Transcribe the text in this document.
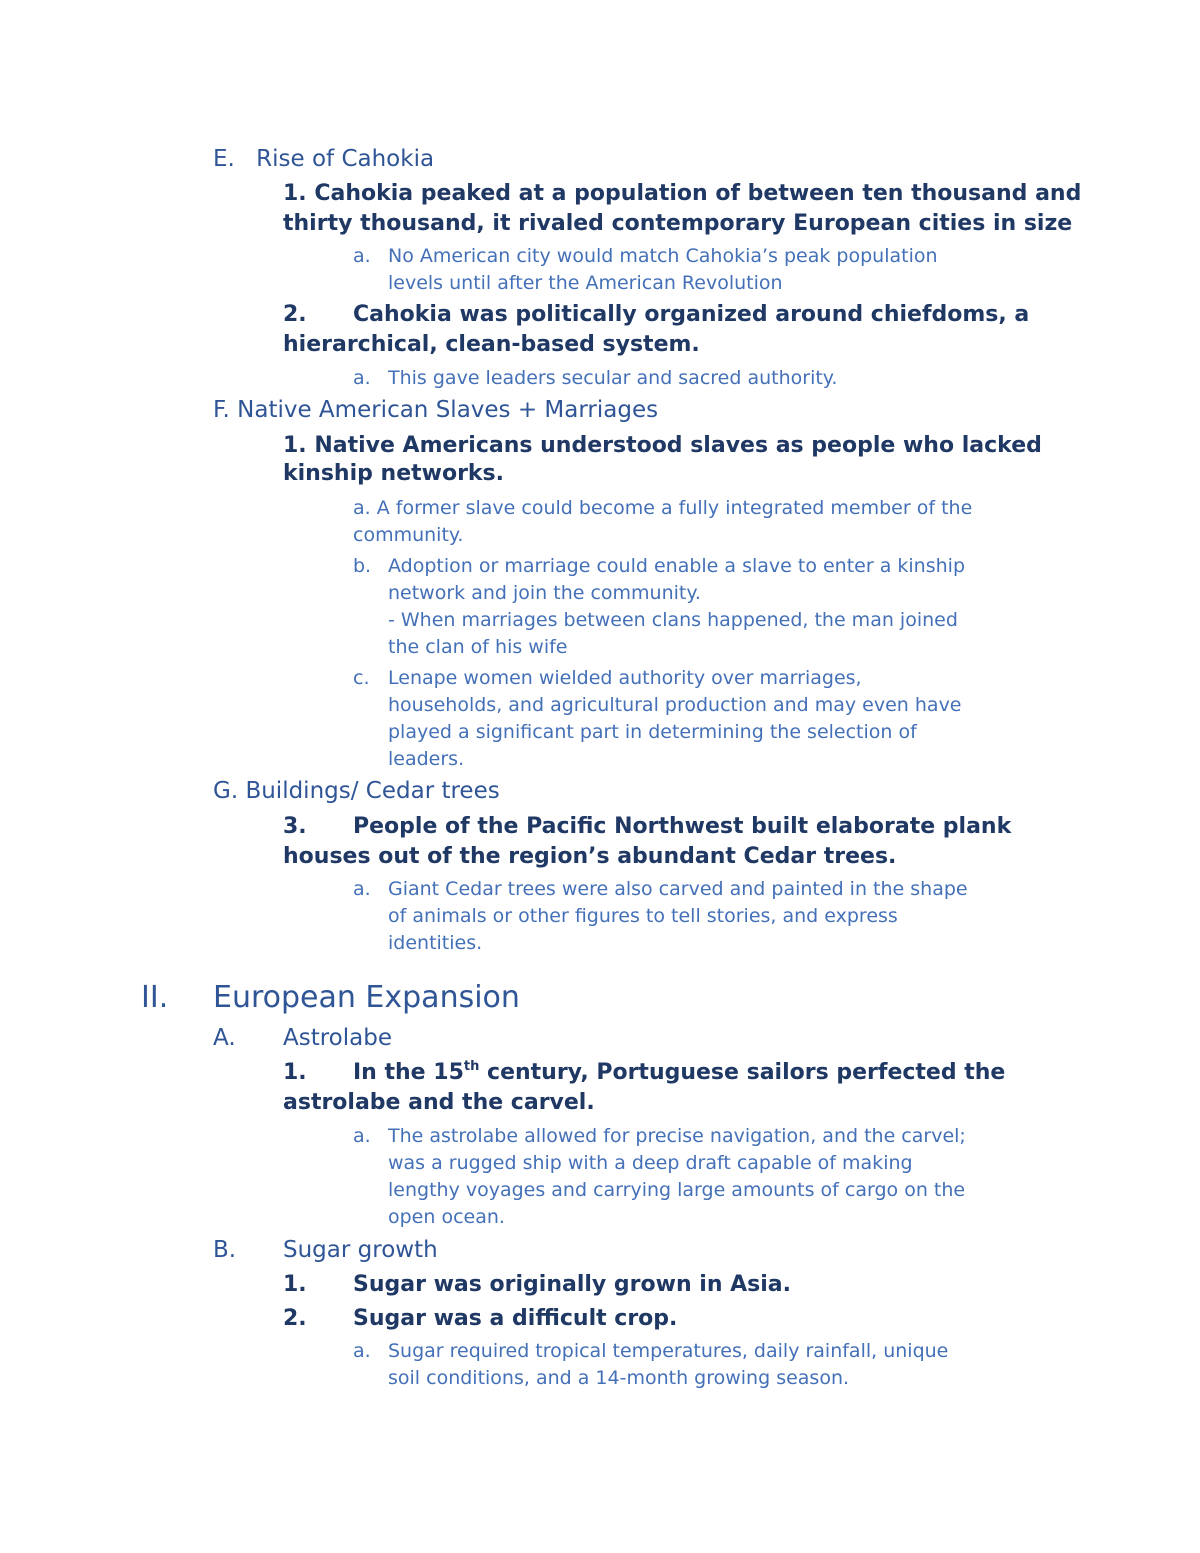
E. Rise of Cahokia
1. Cahokia peaked at a population of between ten thousand and
thirty thousand, it rivaled contemporary European cities in size
a. No American city would match Cahokia’s peak population
levels until after the American Revolution
2. Cahokia was politically organized around chiefdoms, a
hierarchical, clean-based system.
a. This gave leaders secular and sacred authority.
F. Native American Slaves + Marriages
1. Native Americans understood slaves as people who lacked
kinship networks.
a. A former slave could become a fully integrated member of the
community.
b. Adoption or marriage could enable a slave to enter a kinship
network and join the community.
- When marriages between clans happened, the man joined
the clan of his wife
c. Lenape women wielded authority over marriages,
households, and agricultural production and may even have
played a significant part in determining the selection of
leaders.
G. Buildings/ Cedar trees
3. People of the Pacific Northwest built elaborate plank
houses out of the region’s abundant Cedar trees.
a. Giant Cedar trees were also carved and painted in the shape
of animals or other figures to tell stories, and express
identities.
II. European Expansion
A. Astrolabe
1. In the 15th century, Portuguese sailors perfected the
astrolabe and the carvel.
a. The astrolabe allowed for precise navigation, and the carvel;
was a rugged ship with a deep draft capable of making
lengthy voyages and carrying large amounts of cargo on the
open ocean.
B. Sugar growth
1. Sugar was originally grown in Asia.
2. Sugar was a difficult crop.
a. Sugar required tropical temperatures, daily rainfall, unique
soil conditions, and a 14-month growing season.
